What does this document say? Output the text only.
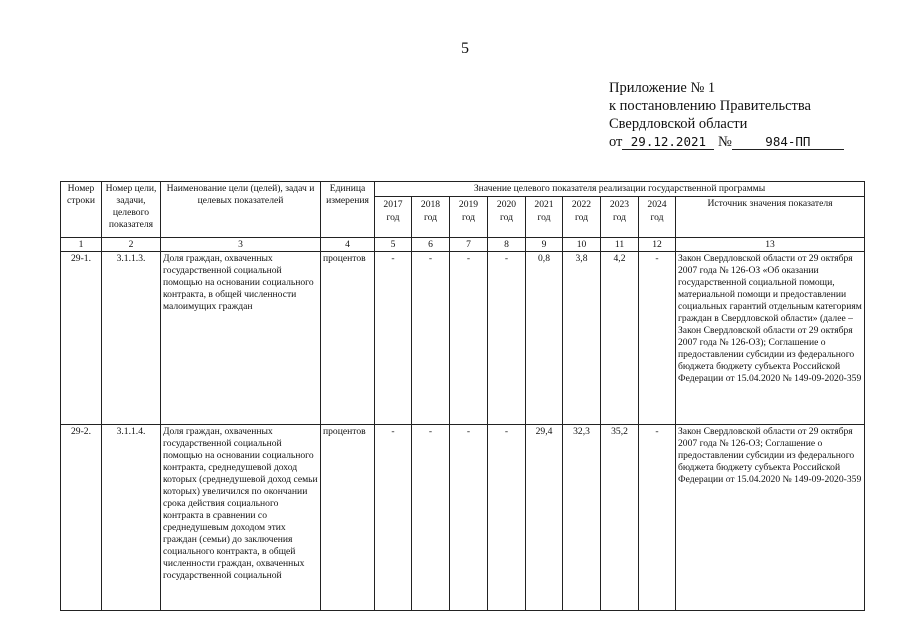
5
Приложение № 1
к постановлению Правительства
Свердловской области
от 29.12.2021 №	984-ПП
Номер строки	Номер цели, задачи, целевого показателя	Наименование цели (целей), задач и целевых показателей	Единица измерения	Значение целевого показателя реализации государственной программы								
				2017 год	2018 год	2019 год	2020 год	2021 год	2022 год	2023 год	2024 год	Источник значения показателя
1	2	3	4	5	6	7	8	9	10	11	12	13
29-1.	3.1.1.3.	Доля граждан, охваченных государственной социальной помощью на основании социального контракта, в общей численности малоимущих граждан	процентов	-	-	-	-	0,8	3,8	4,2	-	Закон Свердловской области от 29 октября 2007 года № 126-ОЗ «Об оказании государственной социальной помощи, материальной помощи и предоставлении социальных гарантий отдельным категориям граждан в Свердловской области» (далее – Закон Свердловской области от 29 октября 2007 года № 126-ОЗ); Соглашение о предоставлении субсидии из федерального бюджета бюджету субъекта Российской Федерации от 15.04.2020 № 149-09-2020-359
29-2.	3.1.1.4.	Доля граждан, охваченных государственной социальной помощью на основании социального контракта, среднедушевой доход которых (среднедушевой доход семьи которых) увеличился по окончании срока действия социального контракта в сравнении со среднедушевым доходом этих граждан (семьи) до заключения социального контракта, в общей численности граждан, охваченных государственной социальной	процентов	-	-	-	-	29,4	32,3	35,2	-	Закон Свердловской области от 29 октября 2007 года № 126-ОЗ; Соглашение о предоставлении субсидии из федерального бюджета бюджету субъекта Российской Федерации от 15.04.2020 № 149-09-2020-359
